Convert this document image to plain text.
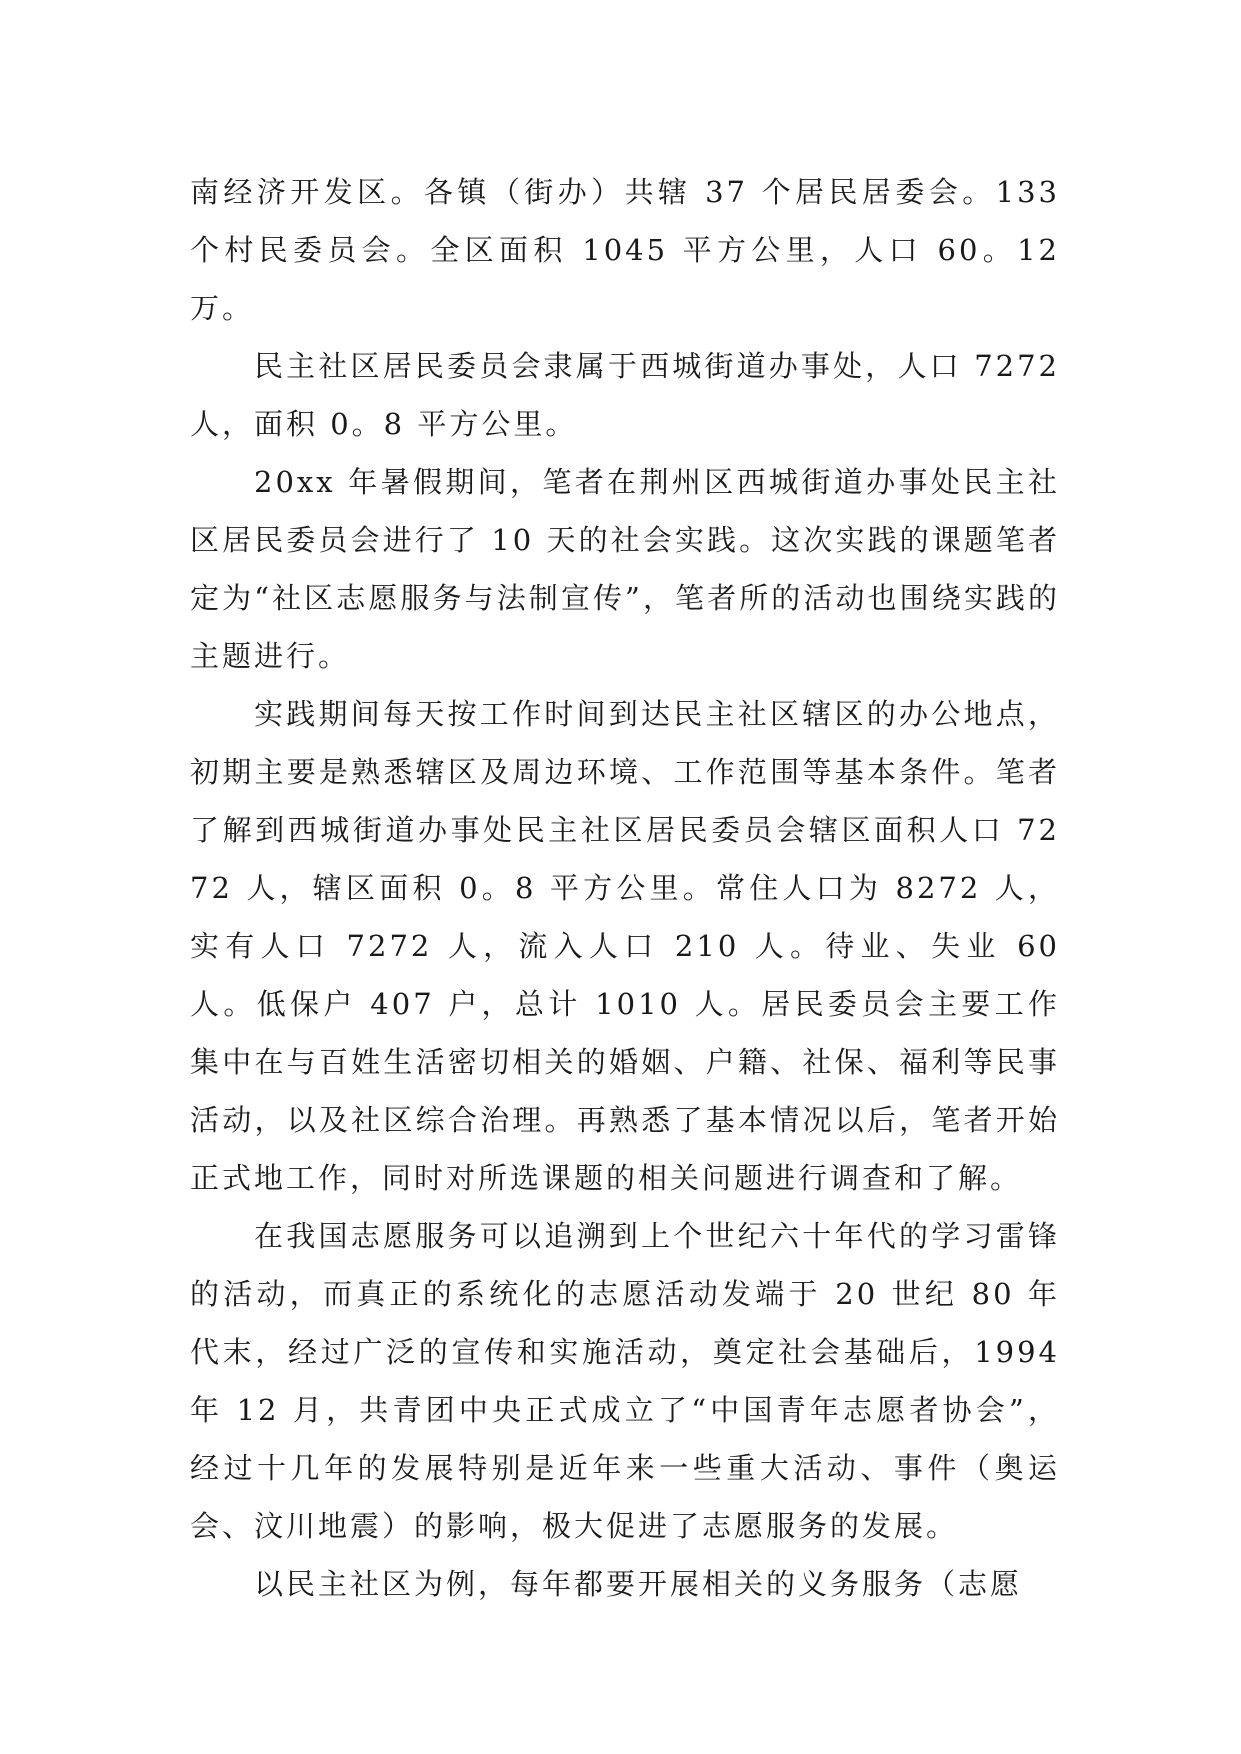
南经济开发区。各镇（街办）共辖 37 个居民居委会。133 个村民委员会。全区面积 1045 平方公里，人口 60。12 万。

民主社区居民委员会隶属于西城街道办事处，人口 7272 人，面积 0。8 平方公里。

20xx 年暑假期间，笔者在荆州区西城街道办事处民主社区居民委员会进行了 10 天的社会实践。这次实践的课题笔者定为“社区志愿服务与法制宣传”，笔者所的活动也围绕实践的主题进行。

实践期间每天按工作时间到达民主社区辖区的办公地点，初期主要是熟悉辖区及周边环境、工作范围等基本条件。笔者了解到西城街道办事处民主社区居民委员会辖区面积人口 7272 人，辖区面积 0。8 平方公里。常住人口为 8272 人，实有人口 7272 人，流入人口 210 人。待业、失业 60 人。低保户 407 户，总计 1010 人。居民委员会主要工作集中在与百姓生活密切相关的婚姻、户籍、社保、福利等民事活动，以及社区综合治理。再熟悉了基本情况以后，笔者开始正式地工作，同时对所选课题的相关问题进行调查和了解。

在我国志愿服务可以追溯到上个世纪六十年代的学习雷锋的活动，而真正的系统化的志愿活动发端于 20 世纪 80 年代末，经过广泛的宣传和实施活动，奠定社会基础后，1994 年 12 月，共青团中央正式成立了“中国青年志愿者协会”，经过十几年的发展特别是近年来一些重大活动、事件（奥运会、汶川地震）的影响，极大促进了志愿服务的发展。

以民主社区为例，每年都要开展相关的义务服务（志愿
